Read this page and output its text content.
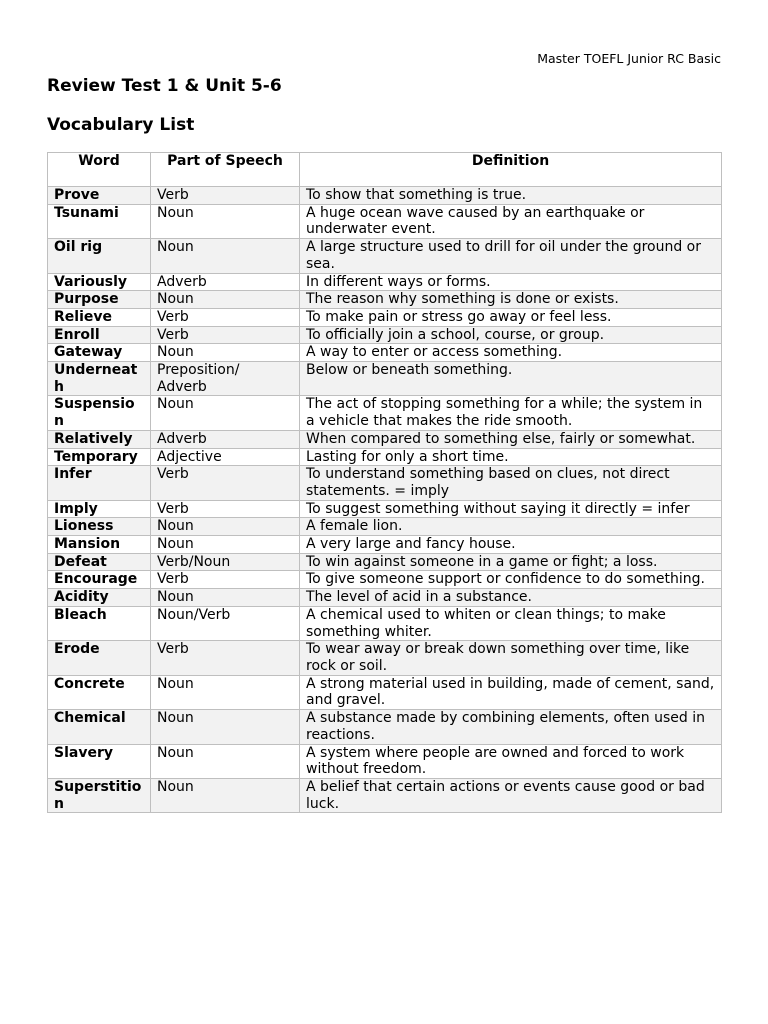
Master TOEFL Junior RC Basic
Review Test 1 & Unit 5-6
Vocabulary List
Word	Part of Speech	Definition
Prove	Verb	To show that something is true.
Tsunami	Noun	A huge ocean wave caused by an earthquake or underwater event.
Oil rig	Noun	A large structure used to drill for oil under the ground or sea.
Variously	Adverb	In different ways or forms.
Purpose	Noun	The reason why something is done or exists.
Relieve	Verb	To make pain or stress go away or feel less.
Enroll	Verb	To officially join a school, course, or group.
Gateway	Noun	A way to enter or access something.
Underneath	Preposition/ Adverb	Below or beneath something.
Suspension	Noun	The act of stopping something for a while; the system in a vehicle that makes the ride smooth.
Relatively	Adverb	When compared to something else, fairly or somewhat.
Temporary	Adjective	Lasting for only a short time.
Infer	Verb	To understand something based on clues, not direct statements. = imply
Imply	Verb	To suggest something without saying it directly = infer
Lioness	Noun	A female lion.
Mansion	Noun	A very large and fancy house.
Defeat	Verb/Noun	To win against someone in a game or fight; a loss.
Encourage	Verb	To give someone support or confidence to do something.
Acidity	Noun	The level of acid in a substance.
Bleach	Noun/Verb	A chemical used to whiten or clean things; to make something whiter.
Erode	Verb	To wear away or break down something over time, like rock or soil.
Concrete	Noun	A strong material used in building, made of cement, sand, and gravel.
Chemical	Noun	A substance made by combining elements, often used in reactions.
Slavery	Noun	A system where people are owned and forced to work without freedom.
Superstition	Noun	A belief that certain actions or events cause good or bad luck.
